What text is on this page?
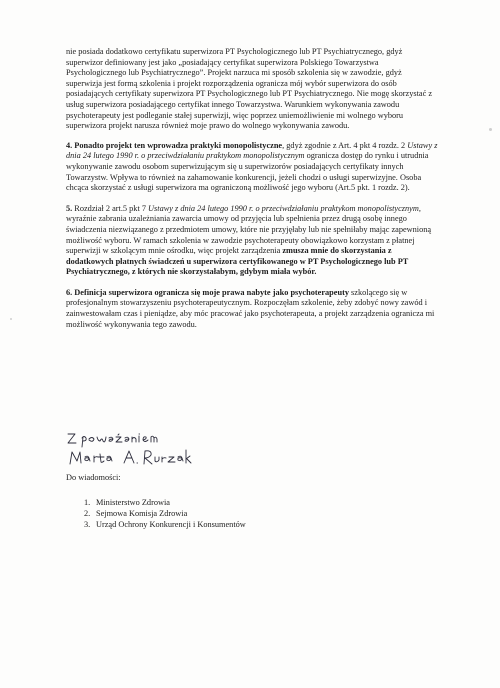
nie posiada dodatkowo certyfikatu superwizora PT Psychologicznego lub PT Psychiatrycznego, gdyż superwizor definiowany jest jako „posiadający certyfikat superwizora Polskiego Towarzystwa Psychologicznego lub Psychiatrycznego”. Projekt narzuca mi sposób szkolenia się w zawodzie, gdyż superwizja jest formą szkolenia i projekt rozporządzenia ogranicza mój wybór superwizora do osób posiadających certyfikaty superwizora PT Psychologicznego lub PT Psychiatrycznego. Nie mogę skorzystać z usług superwizora posiadającego certyfikat innego Towarzystwa. Warunkiem wykonywania zawodu psychoterapeuty jest podleganie stałej superwizji, więc poprzez uniemożliwienie mi wolnego wyboru superwizora projekt narusza również moje prawo do wolnego wykonywania zawodu.

4. Ponadto projekt ten wprowadza praktyki monopolistyczne, gdyż zgodnie z Art. 4 pkt 4 rozdz. 2 Ustawy z dnia 24 lutego 1990 r. o przeciwdziałaniu praktykom monopolistycznym ogranicza dostęp do rynku i utrudnia wykonywanie zawodu osobom superwizującym się u superwizorów posiadających certyfikaty innych Towarzystw. Wpływa to również na zahamowanie konkurencji, jeżeli chodzi o usługi superwizyjne. Osoba chcąca skorzystać z usługi superwizora ma ograniczoną możliwość jego wyboru (Art.5 pkt. 1 rozdz. 2).

5. Rozdział 2 art.5 pkt 7 Ustawy z dnia 24 lutego 1990 r. o przeciwdziałaniu praktykom monopolistycznym, wyraźnie zabrania uzależniania zawarcia umowy od przyjęcia lub spełnienia przez drugą osobę innego świadczenia niezwiązanego z przedmiotem umowy, które nie przyjęłaby lub nie spełniłaby mając zapewnioną możliwość wyboru. W ramach szkolenia w zawodzie psychoterapeuty obowiązkowo korzystam z płatnej superwizji w szkolącym mnie ośrodku, więc projekt zarządzenia zmusza mnie do skorzystania z dodatkowych płatnych świadczeń u superwizora certyfikowanego w PT Psychologicznego lub PT Psychiatrycznego, z których nie skorzystałabym, gdybym miała wybór.

6. Definicja superwizora ogranicza się moje prawa nabyte jako psychoterapeuty szkolącego się w profesjonalnym stowarzyszeniu psychoterapeutycznym. Rozpoczęłam szkolenie, żeby zdobyć nowy zawód i zainwestowałam czas i pieniądze, aby móc pracować jako psychoterapeuta, a projekt zarządzenia ogranicza mi możliwość wykonywania tego zawodu.

Do wiadomości:
1. Ministerstwo Zdrowia
2. Sejmowa Komisja Zdrowia
3. Urząd Ochrony Konkurencji i Konsumentów
